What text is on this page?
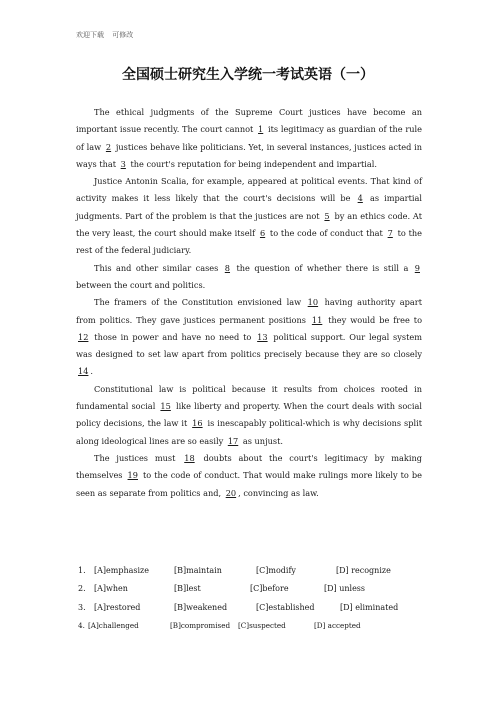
欢迎下载 可修改
全国硕士研究生入学统一考试英语（一）

The ethical judgments of the Supreme Court justices have become an important issue recently. The court cannot 1 its legitimacy as guardian of the rule of law 2 justices behave like politicians. Yet, in several instances, justices acted in ways that 3 the court's reputation for being independent and impartial.

Justice Antonin Scalia, for example, appeared at political events. That kind of activity makes it less likely that the court's decisions will be 4 as impartial judgments. Part of the problem is that the justices are not 5 by an ethics code. At the very least, the court should make itself 6 to the code of conduct that 7 to the rest of the federal judiciary.

This and other similar cases 8 the question of whether there is still a 9 between the court and politics.

The framers of the Constitution envisioned law 10 having authority apart from politics. They gave justices permanent positions 11 they would be free to 12 those in power and have no need to 13 political support. Our legal system was designed to set law apart from politics precisely because they are so closely 14 .

Constitutional law is political because it results from choices rooted in fundamental social 15 like liberty and property. When the court deals with social policy decisions, the law it 16 is inescapably political-which is why decisions split along ideological lines are so easily 17 as unjust.

The justices must 18 doubts about the court's legitimacy by making themselves 19 to the code of conduct. That would make rulings more likely to be seen as separate from politics and, 20 , convincing as law.

1. [A]emphasize	[B]maintain	[C]modify	[D] recognize
2. [A]when	[B]lest	[C]before	[D] unless
3. [A]restored	[B]weakened	[C]established	[D] eliminated
4. [A]challenged	[B]compromised [C]suspected	[D] accepted
